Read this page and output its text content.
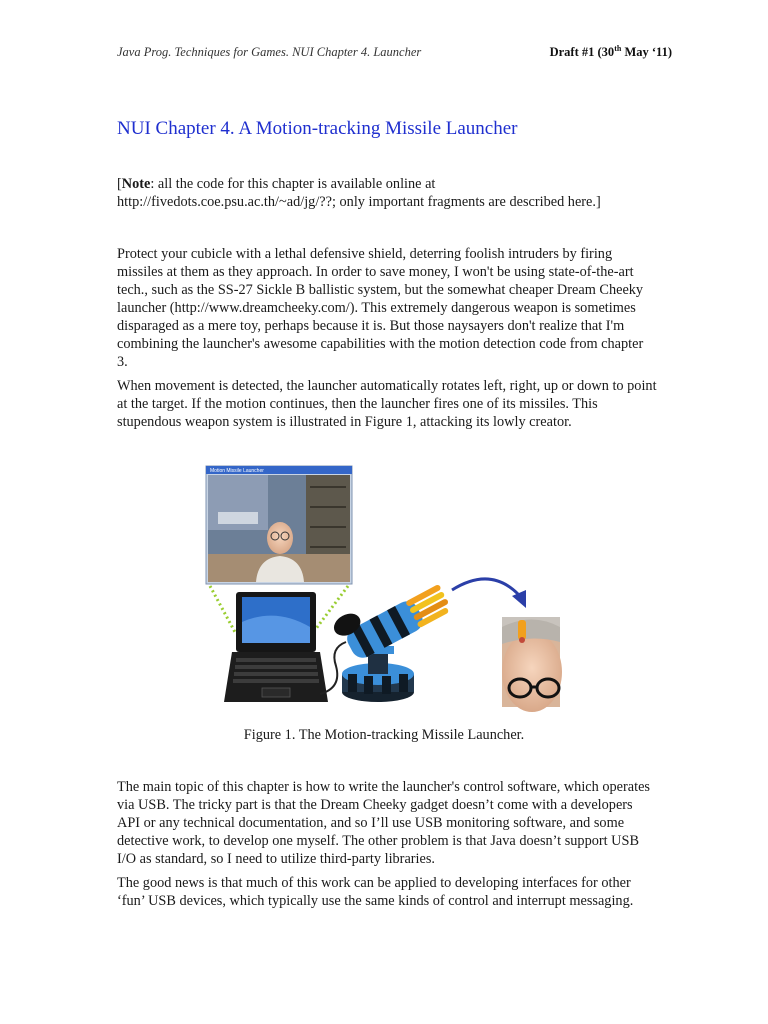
Java Prog. Techniques for Games. NUI Chapter 4. Launcher	Draft #1 (30th May ‘11)
NUI Chapter 4. A Motion-tracking Missile Launcher

[Note: all the code for this chapter is available online at http://fivedots.coe.psu.ac.th/~ad/jg/??; only important fragments are described here.]

Protect your cubicle with a lethal defensive shield, deterring foolish intruders by firing missiles at them as they approach. In order to save money, I won't be using state-of-the-art tech., such as the SS-27 Sickle B ballistic system, but the somewhat cheaper Dream Cheeky launcher (http://www.dreamcheeky.com/). This extremely dangerous weapon is sometimes disparaged as a mere toy, perhaps because it is. But those naysayers don't realize that I'm combining the launcher's awesome capabilities with the motion detection code from chapter 3.

When movement is detected, the launcher automatically rotates left, right, up or down to point at the target. If the motion continues, then the launcher fires one of its missiles. This stupendous weapon system is illustrated in Figure 1, attacking its lowly creator.

Motion Missile Launcher
Figure 1. The Motion-tracking Missile Launcher.

The main topic of this chapter is how to write the launcher's control software, which operates via USB. The tricky part is that the Dream Cheeky gadget doesn’t come with a developers API or any technical documentation, and so I’ll use USB monitoring software, and some detective work, to develop one myself. The other problem is that Java doesn’t support USB I/O as standard, so I need to utilize third-party libraries.

The good news is that much of this work can be applied to developing interfaces for other ‘fun’ USB devices, which typically use the same kinds of control and interrupt messaging.
